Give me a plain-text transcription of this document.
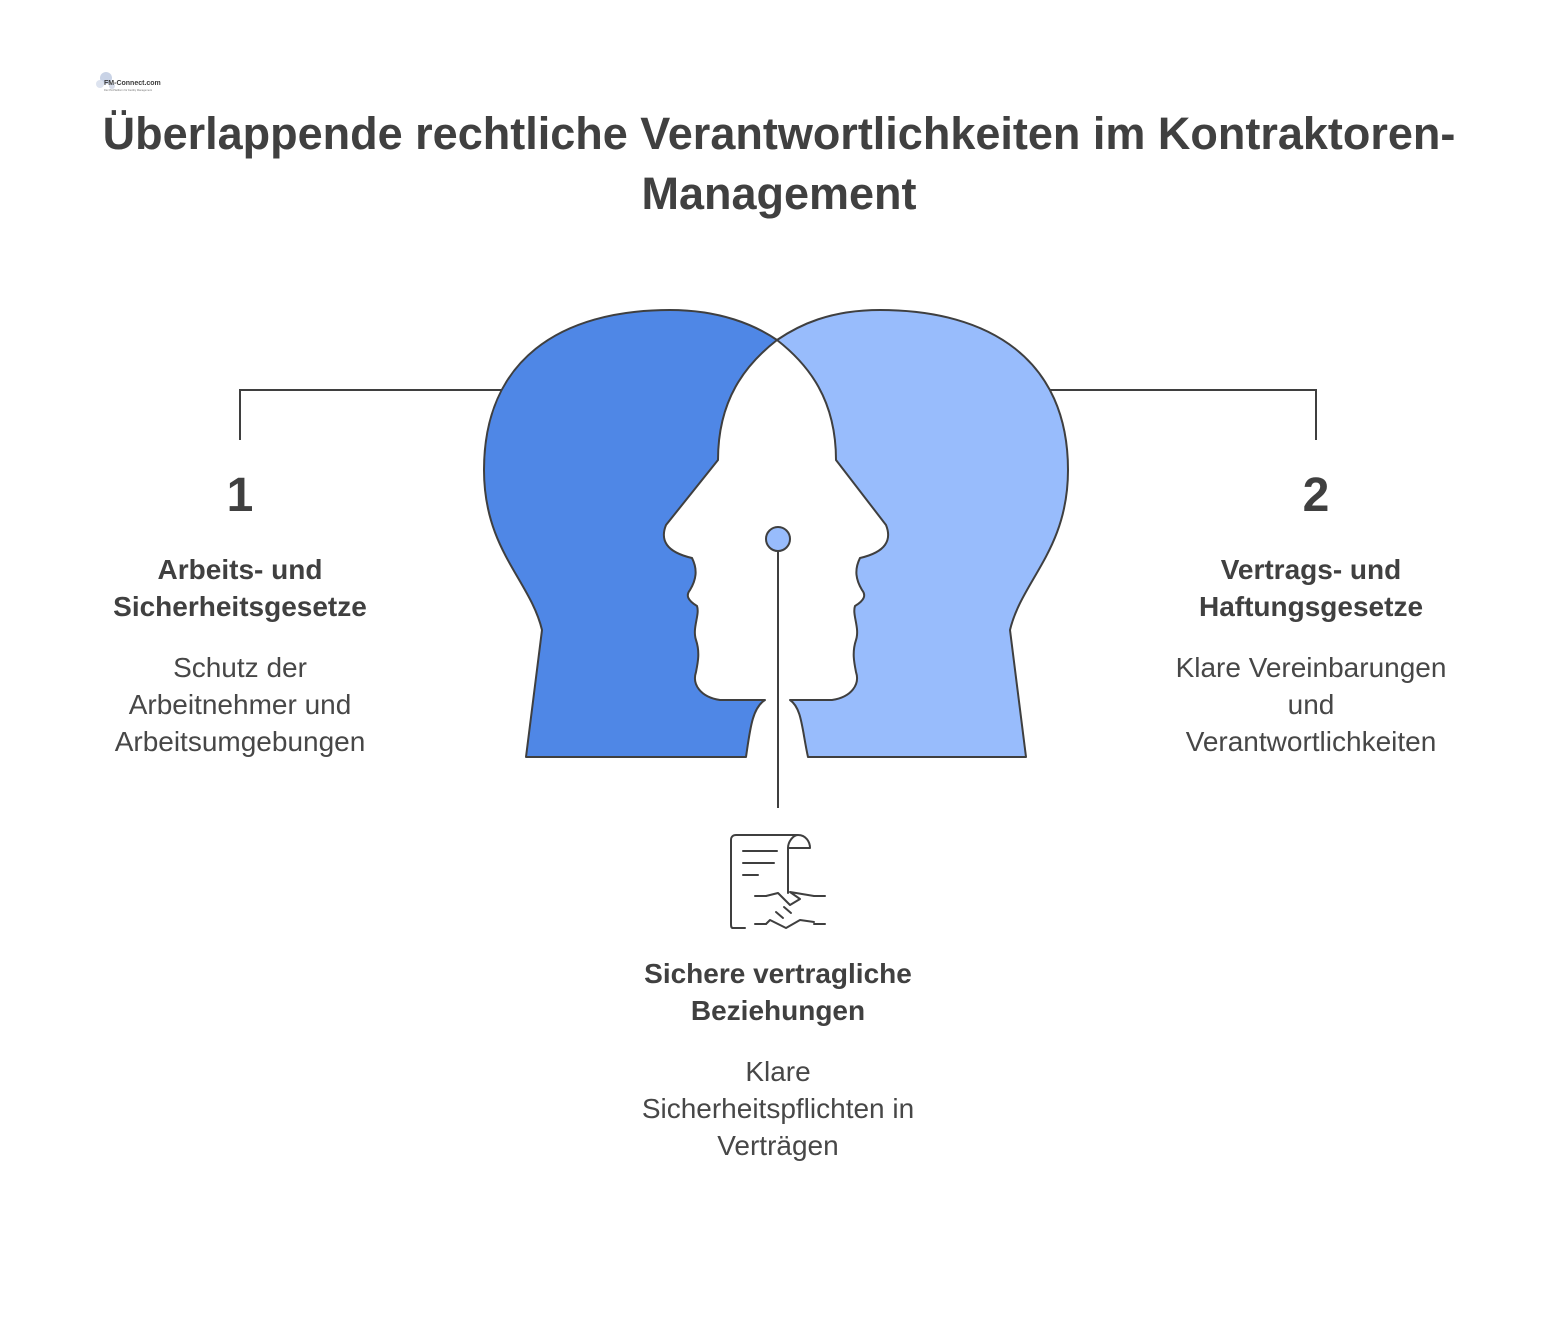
FM-Connect.com
Die FM-Plattform für Facility Management
Überlappende rechtliche Verantwortlichkeiten im Kontraktoren-
Management
1
Arbeits- und
Sicherheitsgesetze
Schutz der
Arbeitnehmer und
Arbeitsumgebungen
2
Vertrags- und
Haftungsgesetze
Klare Vereinbarungen
und
Verantwortlichkeiten
Sichere vertragliche
Beziehungen
Klare
Sicherheitspflichten in
Verträgen
